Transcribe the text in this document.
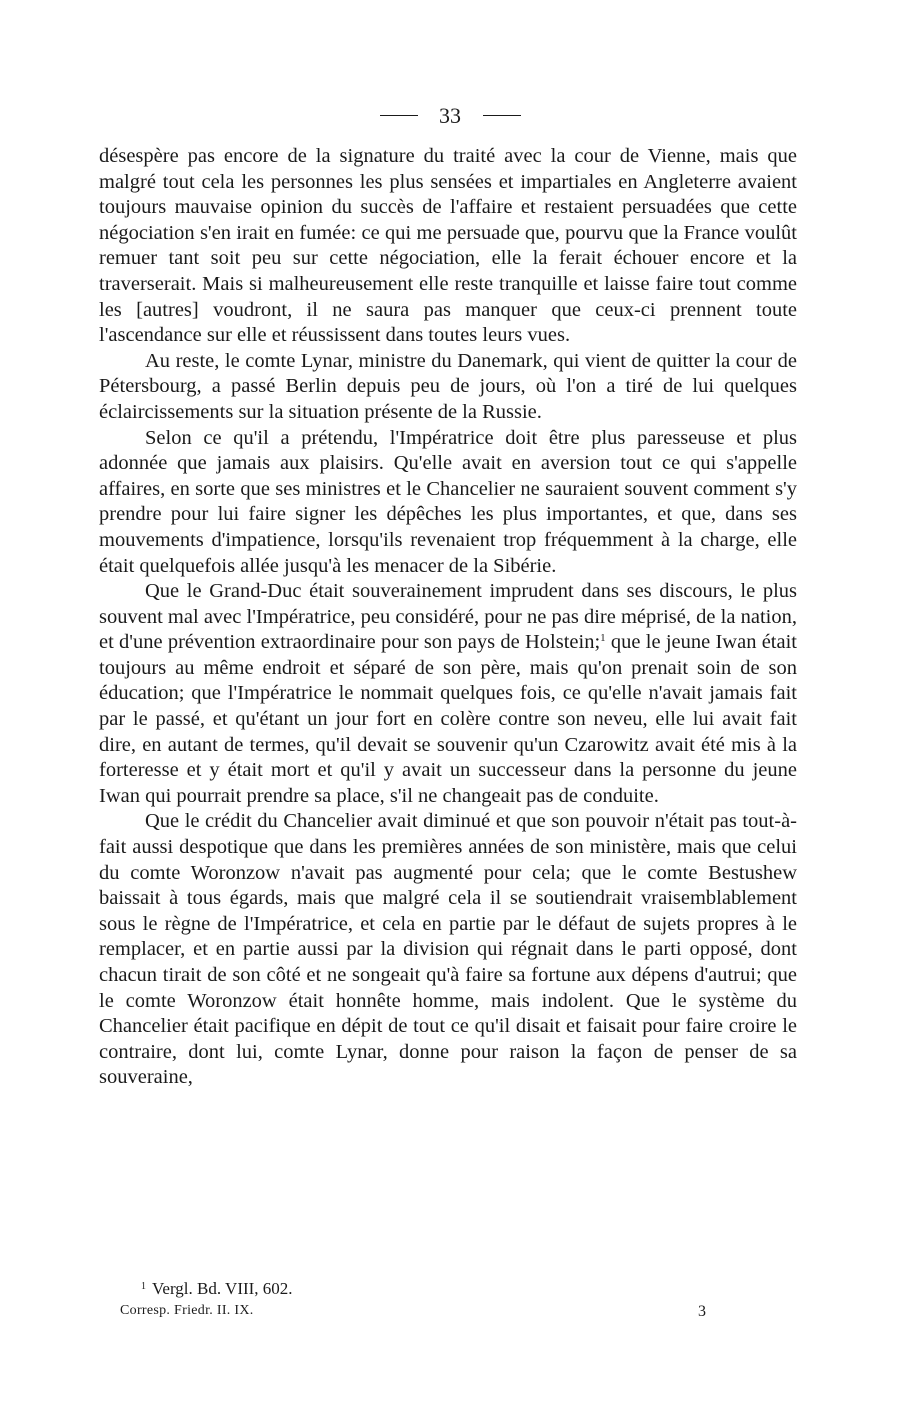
33

désespère pas encore de la signature du traité avec la cour de Vienne, mais que malgré tout cela les personnes les plus sensées et impartiales en Angleterre avaient toujours mauvaise opinion du succès de l'affaire et restaient persuadées que cette négociation s'en irait en fumée: ce qui me persuade que, pourvu que la France voulût remuer tant soit peu sur cette négociation, elle la ferait échouer encore et la traverserait. Mais si malheureusement elle reste tranquille et laisse faire tout comme les [autres] voudront, il ne saura pas manquer que ceux-ci prennent toute l'ascendance sur elle et réussissent dans toutes leurs vues.

Au reste, le comte Lynar, ministre du Danemark, qui vient de quitter la cour de Pétersbourg, a passé Berlin depuis peu de jours, où l'on a tiré de lui quelques éclaircissements sur la situation présente de la Russie.

Selon ce qu'il a prétendu, l'Impératrice doit être plus paresseuse et plus adonnée que jamais aux plaisirs. Qu'elle avait en aversion tout ce qui s'appelle affaires, en sorte que ses ministres et le Chancelier ne sauraient souvent comment s'y prendre pour lui faire signer les dépêches les plus importantes, et que, dans ses mouvements d'impatience, lorsqu'ils revenaient trop fréquemment à la charge, elle était quelquefois allée jusqu'à les menacer de la Sibérie.

Que le Grand-Duc était souverainement imprudent dans ses discours, le plus souvent mal avec l'Impératrice, peu considéré, pour ne pas dire méprisé, de la nation, et d'une prévention extraordinaire pour son pays de Holstein;$^1$ que le jeune Iwan était toujours au même endroit et séparé de son père, mais qu'on prenait soin de son éducation; que l'Impératrice le nommait quelques fois, ce qu'elle n'avait jamais fait par le passé, et qu'étant un jour fort en colère contre son neveu, elle lui avait fait dire, en autant de termes, qu'il devait se souvenir qu'un Czarowitz avait été mis à la forteresse et y était mort et qu'il y avait un successeur dans la personne du jeune Iwan qui pourrait prendre sa place, s'il ne changeait pas de conduite.

Que le crédit du Chancelier avait diminué et que son pouvoir n'était pas tout-à-fait aussi despotique que dans les premières années de son ministère, mais que celui du comte Woronzow n'avait pas augmenté pour cela; que le comte Bestushew baissait à tous égards, mais que malgré cela il se soutiendrait vraisemblablement sous le règne de l'Impératrice, et cela en partie par le défaut de sujets propres à le remplacer, et en partie aussi par la division qui régnait dans le parti opposé, dont chacun tirait de son côté et ne songeait qu'à faire sa fortune aux dépens d'autrui; que le comte Woronzow était honnête homme, mais indolent. Que le système du Chancelier était pacifique en dépit de tout ce qu'il disait et faisait pour faire croire le contraire, dont lui, comte Lynar, donne pour raison la façon de penser de sa souveraine,

$^1$ Vergl. Bd. VIII, 602.
Corresp. Friedr. II. IX.	3
